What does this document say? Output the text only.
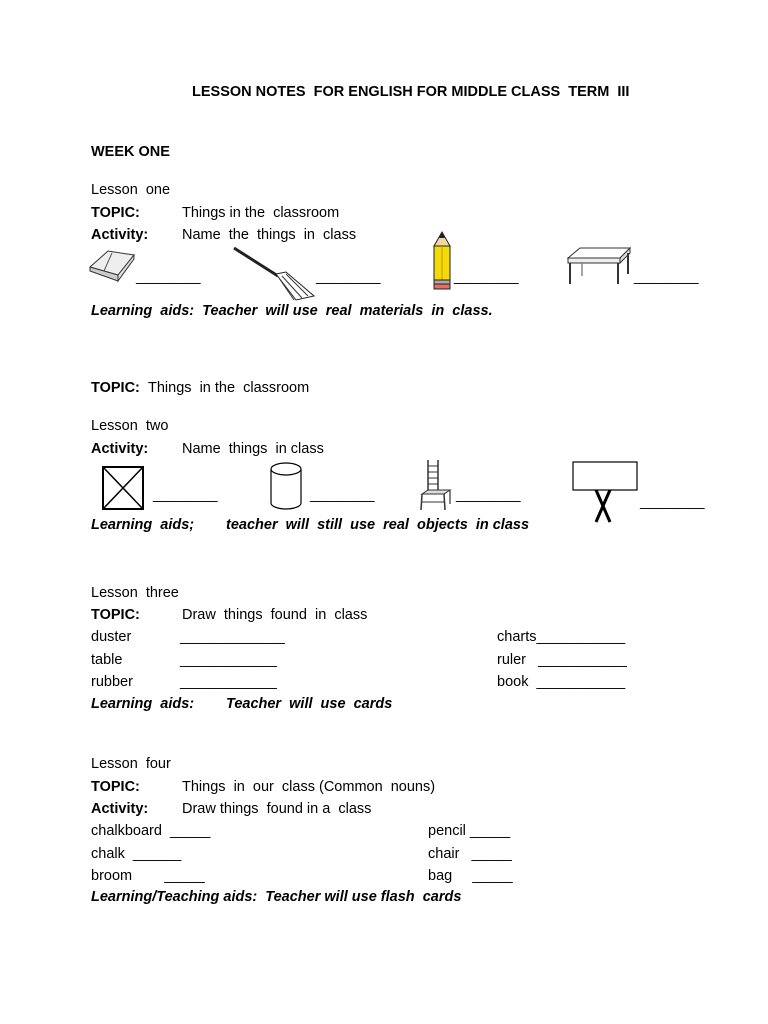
LESSON NOTES  FOR ENGLISH FOR MIDDLE CLASS  TERM  III
WEEK ONE
Lesson  one
TOPIC:	Things in the  classroom
Activity: Name  the  things  in  class
________	________	________	________
Learning  aids:  Teacher  will use  real  materials  in  class.
TOPIC: Things  in the  classroom
Lesson  two
Activity: Name  things  in class
________	________	________	________
Learning  aids; teacher  will  still  use  real  objects  in class
Lesson  three
TOPIC:	Draw  things  found  in  class
duster	_____________	charts___________
table	____________	ruler   ___________
rubber	____________	book  ___________
Learning  aids: Teacher  will  use  cards
Lesson  four
TOPIC:	Things  in  our  class (Common  nouns)
Activity: Draw things  found in a  class
chalkboard  _____	pencil _____
chalk  ______	chair   _____
broom        _____	bag     _____
Learning/Teaching aids:  Teacher will use flash  cards
